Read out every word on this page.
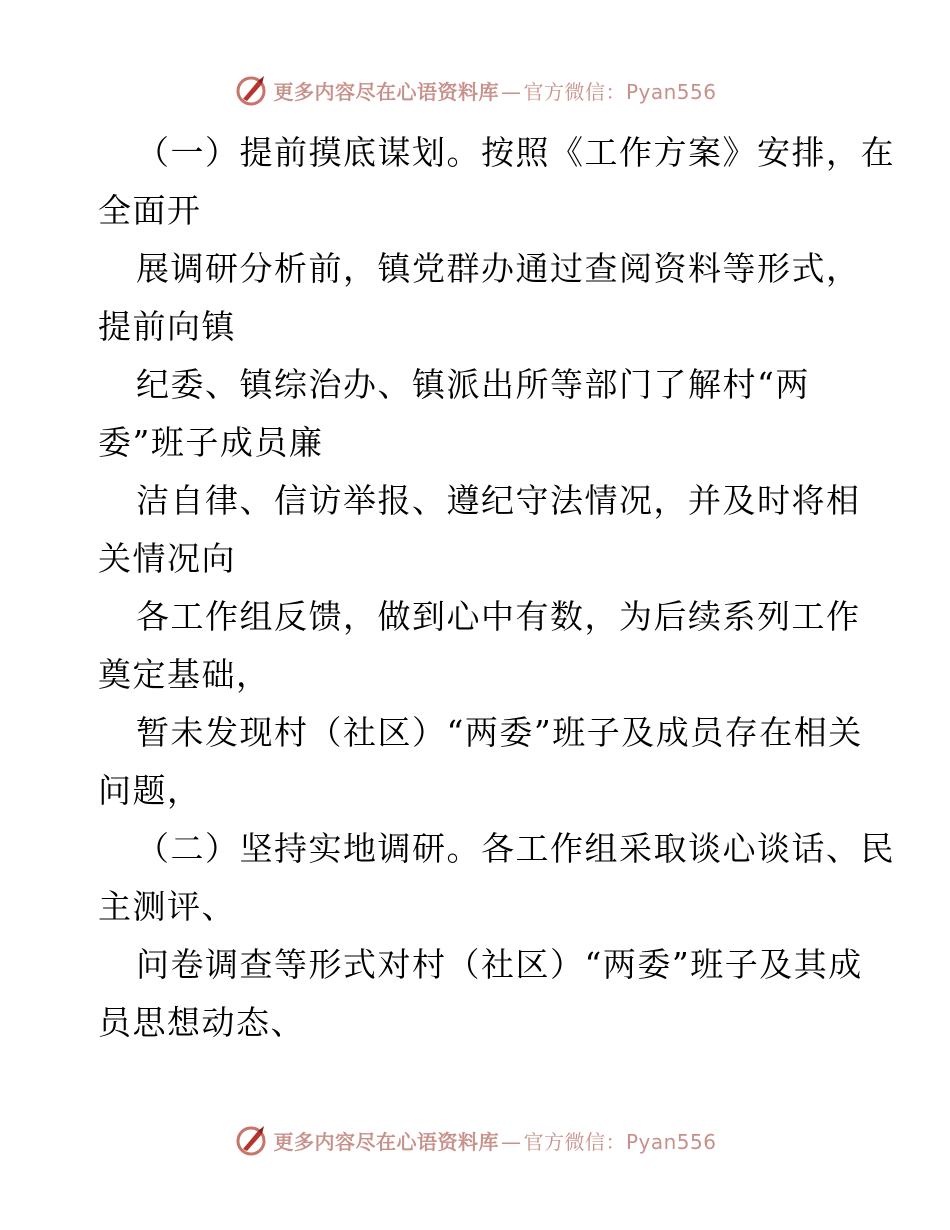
更多内容尽在心语资料库 — 官方微信：Pyan556
（一）提前摸底谋划。按照《工作方案》安排，在
全面开
展调研分析前，镇党群办通过查阅资料等形式，
提前向镇
纪委、镇综治办、镇派出所等部门了解村“两
委”班子成员廉
洁自律、信访举报、遵纪守法情况，并及时将相
关情况向
各工作组反馈，做到心中有数，为后续系列工作
奠定基础，
暂未发现村（社区）“两委”班子及成员存在相关
问题，
（二）坚持实地调研。各工作组采取谈心谈话、民
主测评、
问卷调查等形式对村（社区）“两委”班子及其成
员思想动态、
更多内容尽在心语资料库 — 官方微信：Pyan556
